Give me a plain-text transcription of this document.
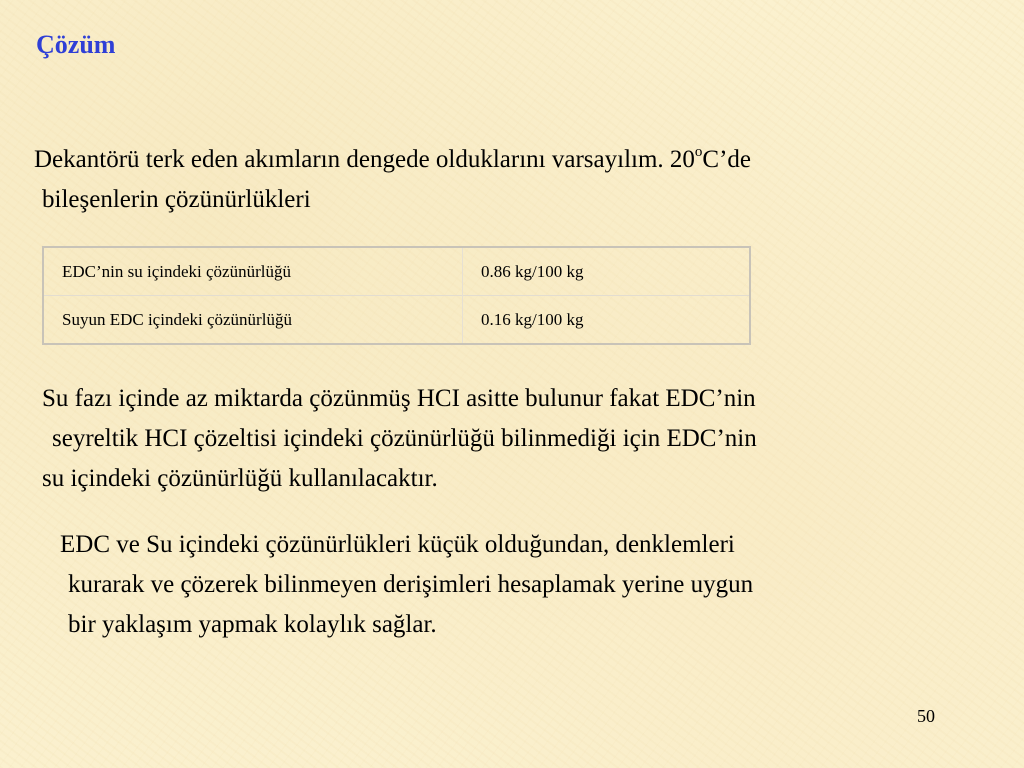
Çözüm
Dekantörü terk eden akımların dengede olduklarını varsayılım. 20$^o$C’de
bileşenlerin çözünürlükleri
EDC’nin su içindeki çözünürlüğü	0.86 kg/100 kg
Suyun EDC içindeki çözünürlüğü	0.16 kg/100 kg
Su fazı içinde az miktarda çözünmüş HCI asitte bulunur fakat EDC’nin
seyreltik HCI çözeltisi içindeki çözünürlüğü bilinmediği için EDC’nin
su içindeki çözünürlüğü kullanılacaktır.
EDC ve Su içindeki çözünürlükleri küçük olduğundan, denklemleri
kurarak ve çözerek bilinmeyen derişimleri hesaplamak yerine uygun
bir yaklaşım yapmak kolaylık sağlar.
50
